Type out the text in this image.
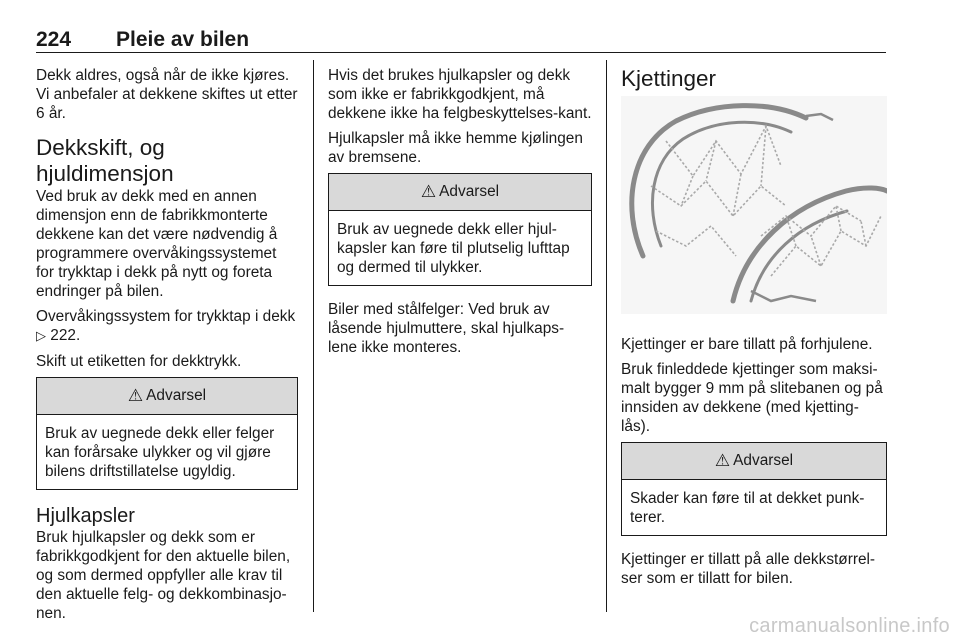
224 Pleie av bilen

Dekk aldres, også når de ikke kjøres. Vi anbefaler at dekkene skiftes ut etter 6 år.

Dekkskift, og hjuldimensjon

Ved bruk av dekk med en annen dimensjon enn de fabrikkmonterte dekkene kan det være nødvendig å programmere overvåkingssystemet for trykktap i dekk på nytt og foreta endringer på bilen.

Overvåkingssystem for trykktap i dekk ▷ 222.

Skift ut etiketten for dekktrykk.

⚠ Advarsel
Bruk av uegnede dekk eller felger kan forårsake ulykker og vil gjøre bilens driftstillatelse ugyldig.
Hjulkapsler

Bruk hjulkapsler og dekk som er fabrikkgodkjent for den aktuelle bilen, og som dermed oppfyller alle krav til den aktuelle felg- og dekkombinasjo-nen.

Hvis det brukes hjulkapsler og dekk som ikke er fabrikkgodkjent, må dekkene ikke ha felgbeskyttelses-kant.

Hjulkapsler må ikke hemme kjølingen av bremsene.

⚠ Advarsel
Bruk av uegnede dekk eller hjul-kapsler kan føre til plutselig lufttap og dermed til ulykker.

Biler med stålfelger: Ved bruk av låsende hjulmuttere, skal hjulkaps-lene ikke monteres.

Kjettinger

Kjettinger er bare tillatt på forhjulene.

Bruk finleddede kjettinger som maksi-malt bygger 9 mm på slitebanen og på innsiden av dekkene (med kjetting-lås).

⚠ Advarsel
Skader kan føre til at dekket punk-terer.

Kjettinger er tillatt på alle dekkstørrel-ser som er tillatt for bilen.

carmanualsonline.info
